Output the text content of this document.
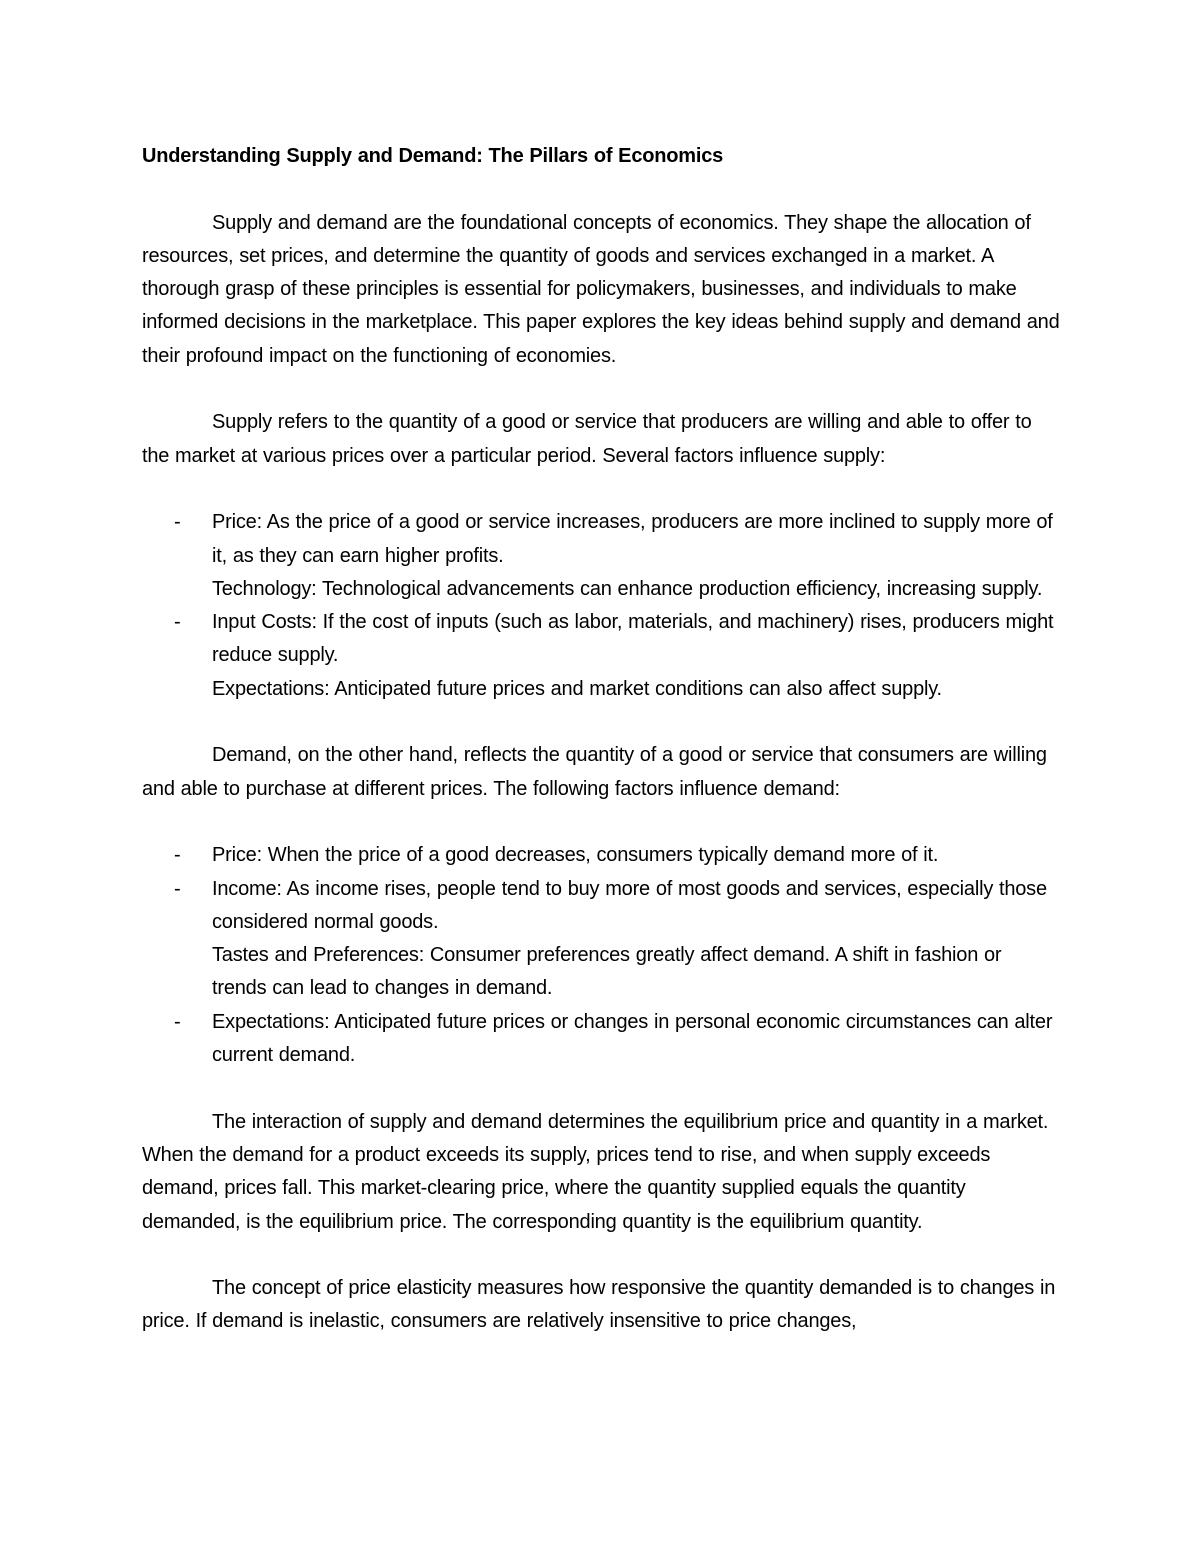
Understanding Supply and Demand: The Pillars of Economics

Supply and demand are the foundational concepts of economics. They shape the allocation of resources, set prices, and determine the quantity of goods and services exchanged in a market. A thorough grasp of these principles is essential for policymakers, businesses, and individuals to make informed decisions in the marketplace. This paper explores the key ideas behind supply and demand and their profound impact on the functioning of economies.

Supply refers to the quantity of a good or service that producers are willing and able to offer to the market at various prices over a particular period. Several factors influence supply:

- Price: As the price of a good or service increases, producers are more inclined to supply more of it, as they can earn higher profits.
Technology: Technological advancements can enhance production efficiency, increasing supply.
- Input Costs: If the cost of inputs (such as labor, materials, and machinery) rises, producers might reduce supply.
Expectations: Anticipated future prices and market conditions can also affect supply.

Demand, on the other hand, reflects the quantity of a good or service that consumers are willing and able to purchase at different prices. The following factors influence demand:

- Price: When the price of a good decreases, consumers typically demand more of it.
- Income: As income rises, people tend to buy more of most goods and services, especially those considered normal goods.
Tastes and Preferences: Consumer preferences greatly affect demand. A shift in fashion or trends can lead to changes in demand.
- Expectations: Anticipated future prices or changes in personal economic circumstances can alter current demand.

The interaction of supply and demand determines the equilibrium price and quantity in a market. When the demand for a product exceeds its supply, prices tend to rise, and when supply exceeds demand, prices fall. This market-clearing price, where the quantity supplied equals the quantity demanded, is the equilibrium price. The corresponding quantity is the equilibrium quantity.

The concept of price elasticity measures how responsive the quantity demanded is to changes in price. If demand is inelastic, consumers are relatively insensitive to price changes,
